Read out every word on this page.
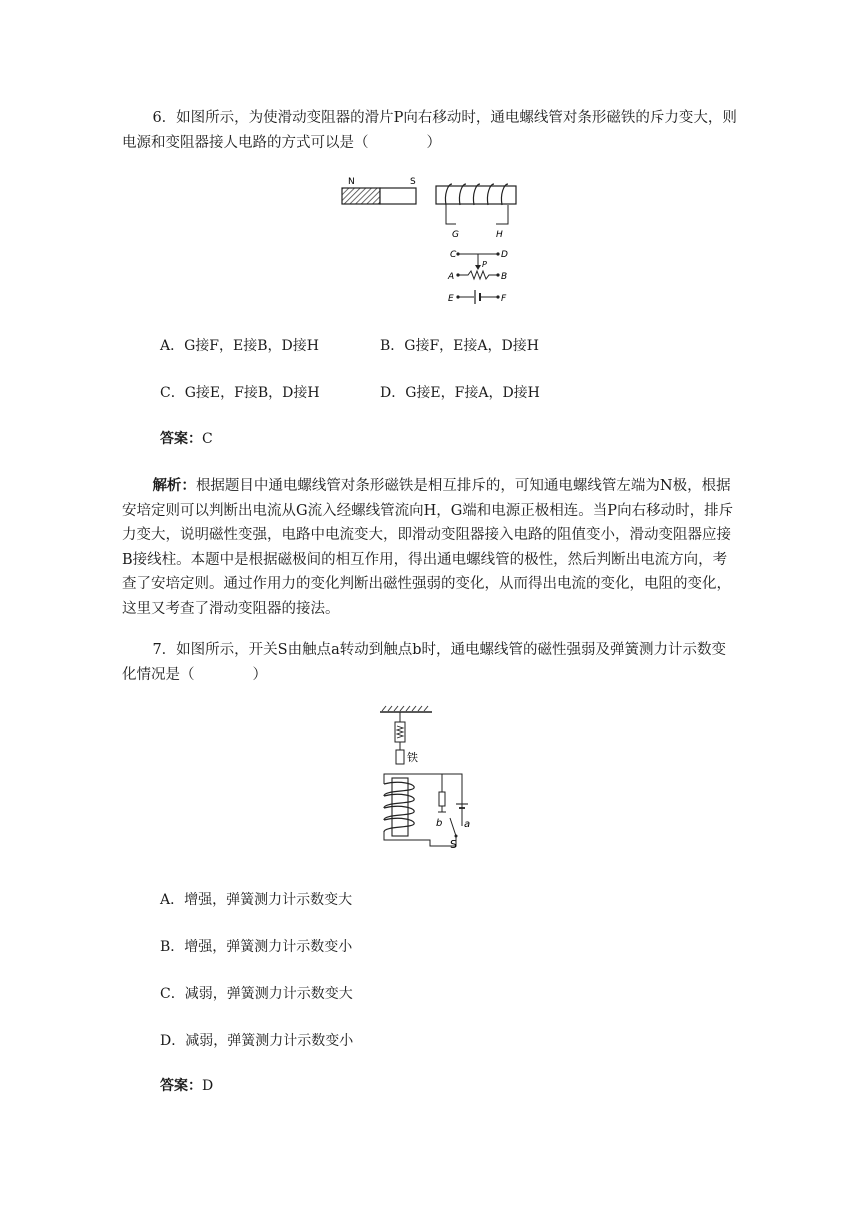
6．如图所示，为使滑动变阻器的滑片P向右移动时，通电螺线管对条形磁铁的斥力变大，则电源和变阻器接人电路的方式可以是（　　　　）

N	S
G	H
C	D
P
A	B
E	F
A．G接F，E接B，D接H	B．G接F，E接A，D接H
C．G接E，F接B，D接H	D．G接E，F接A，D接H
答案：C

解析：根据题目中通电螺线管对条形磁铁是相互排斥的，可知通电螺线管左端为N极，根据安培定则可以判断出电流从G流入经螺线管流向H，G端和电源正极相连。当P向右移动时，排斥力变大，说明磁性变强，电路中电流变大，即滑动变阻器接入电路的阻值变小，滑动变阻器应接B接线柱。本题中是根据磁极间的相互作用，得出通电螺线管的极性，然后判断出电流方向，考查了安培定则。通过作用力的变化判断出磁性强弱的变化，从而得出电流的变化，电阻的变化，这里又考查了滑动变阻器的接法。

7．如图所示，开关S由触点a转动到触点b时，通电螺线管的磁性强弱及弹簧测力计示数变化情况是（　　　　）

铁
b a
S
A．增强，弹簧测力计示数变大
B．增强，弹簧测力计示数变小
C．减弱，弹簧测力计示数变大
D．减弱，弹簧测力计示数变小
答案：D
